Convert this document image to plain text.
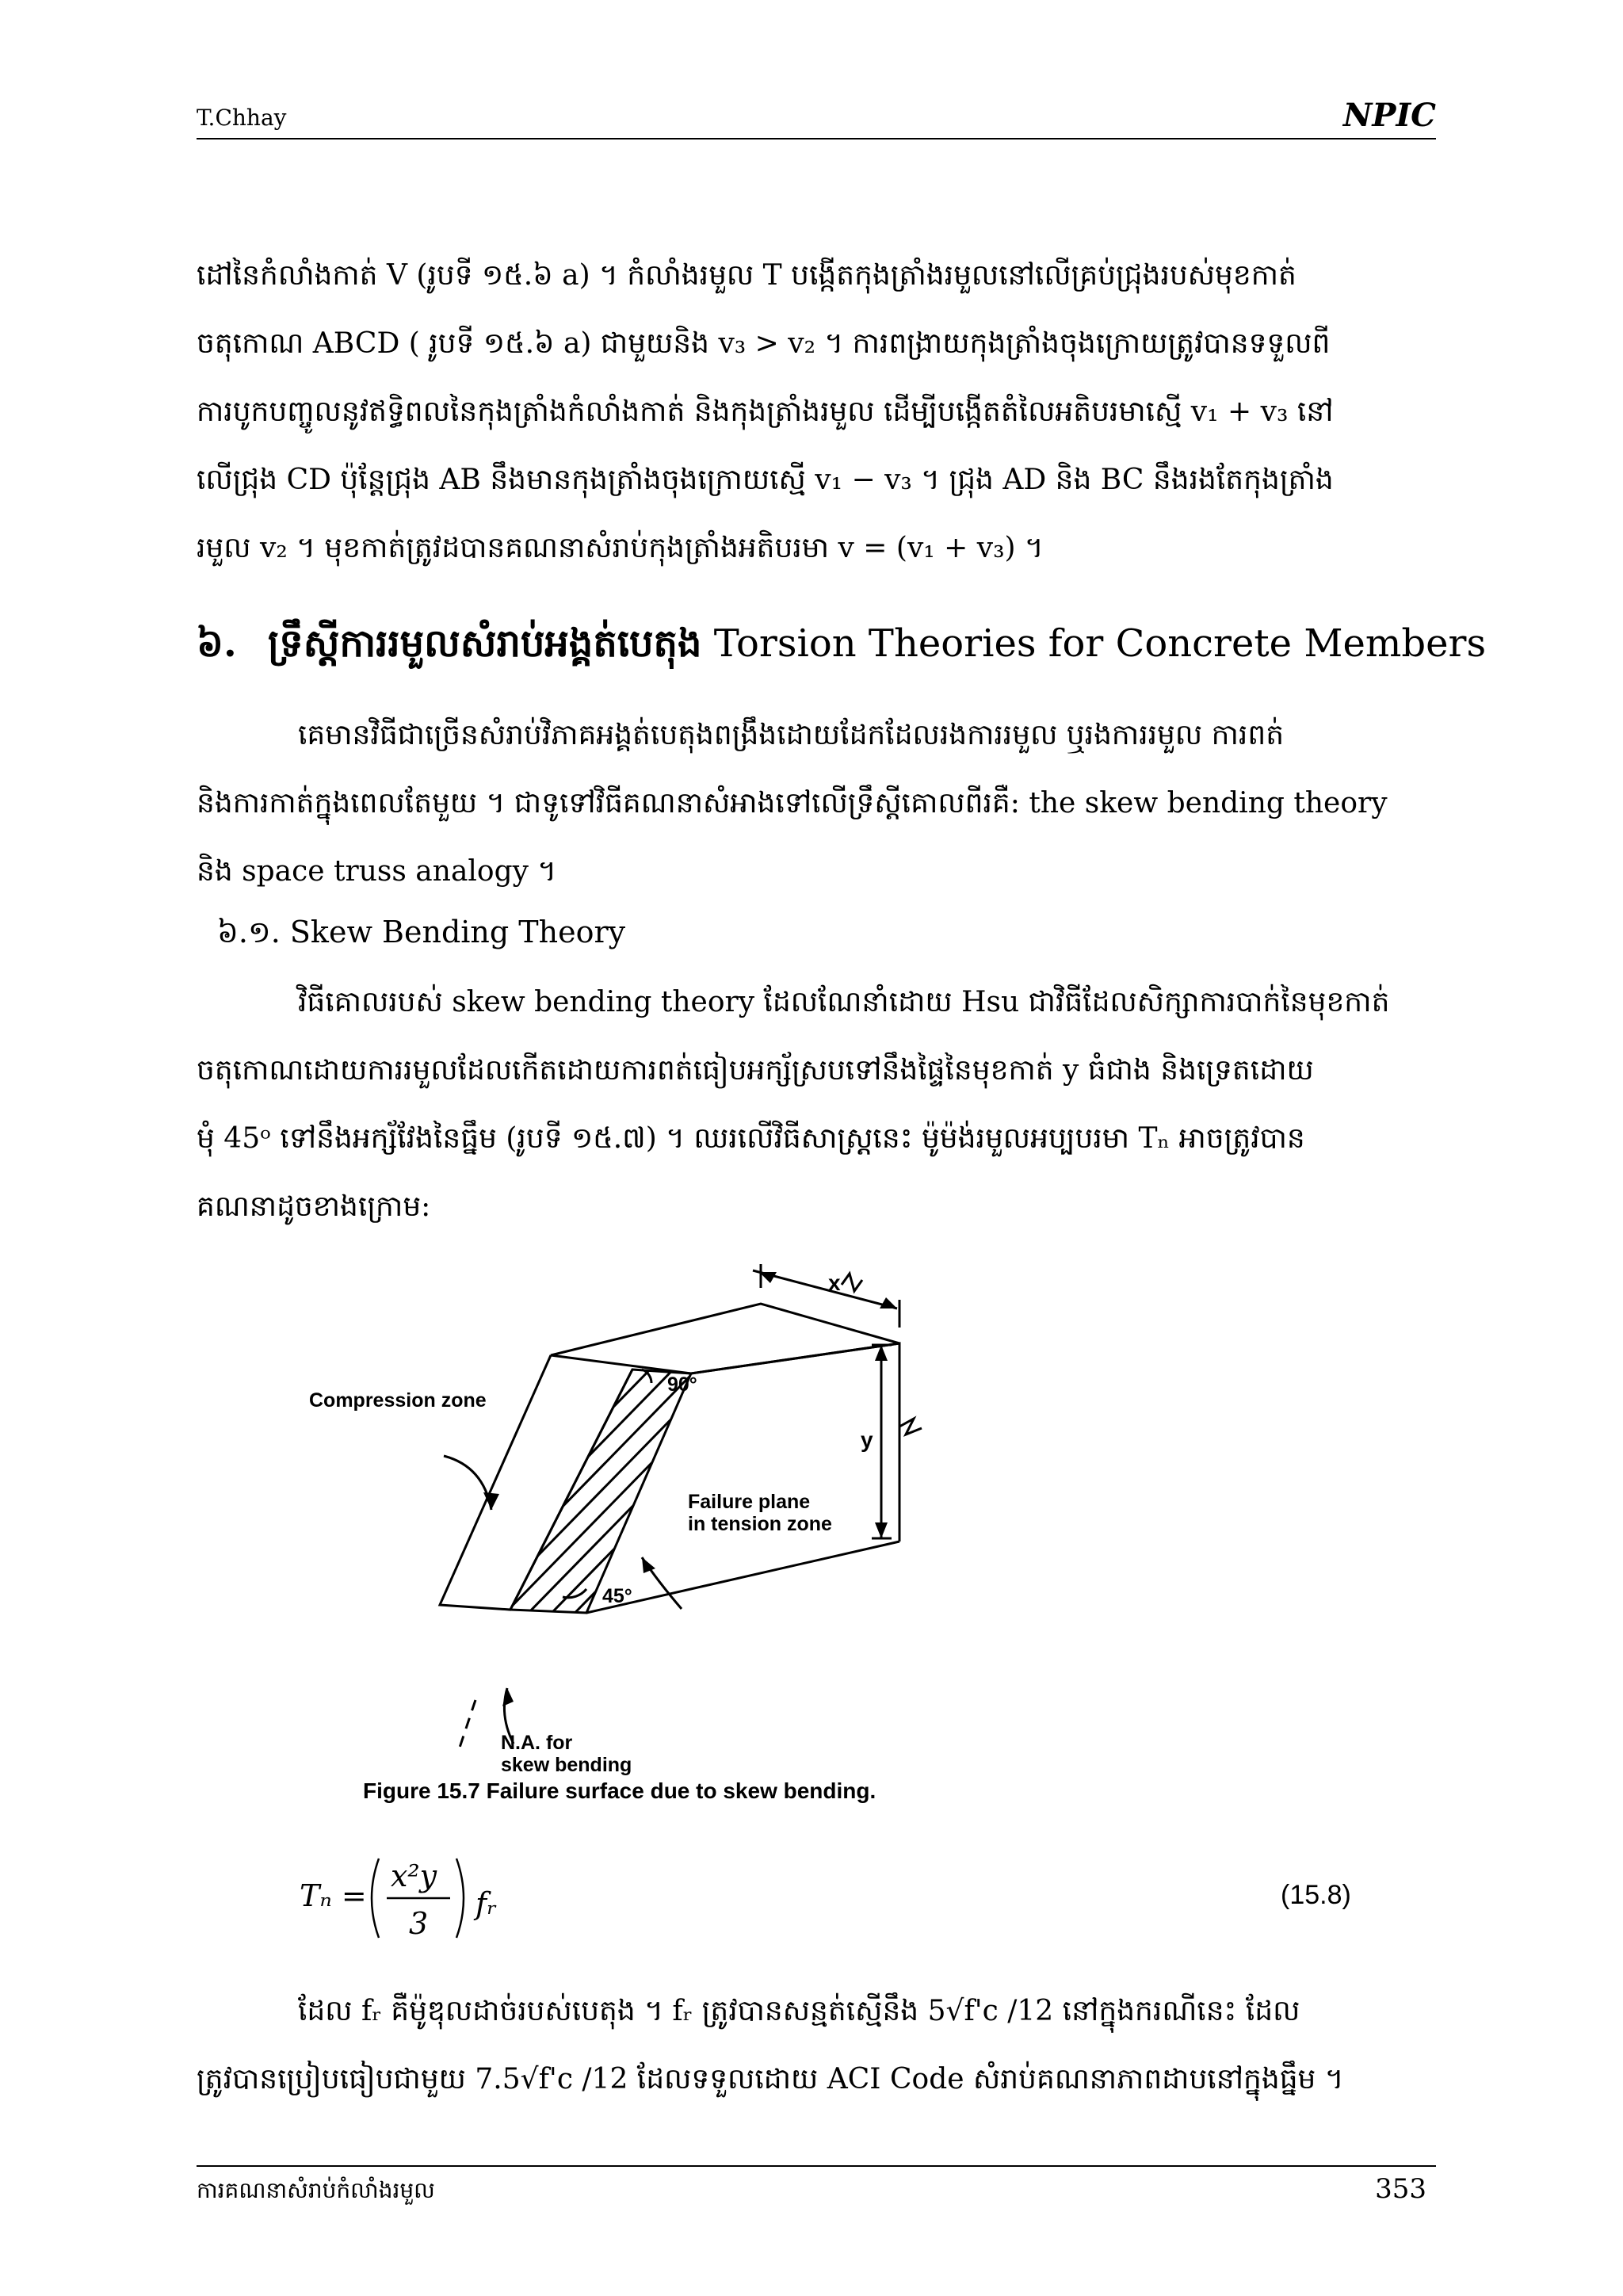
T.Chhay	NPIC

ដៅនៃកំលាំងកាត់ V (រូបទី ១៥.៦ a) ។ កំលាំងរមួល T បង្កើតកុងត្រាំងរមួលនៅលើគ្រប់ជ្រុងរបស់មុខកាត់

ចតុកោណ ABCD ( រូបទី ១៥.៦ a) ជាមួយនិង v₃ > v₂ ។ ការពង្រាយកុងត្រាំងចុងក្រោយត្រូវបានទទួលពី

ការបូកបញ្ចូលនូវឥទ្ធិពលនៃកុងត្រាំងកំលាំងកាត់ និងកុងត្រាំងរមួល ដើម្បីបង្កើតតំលៃអតិបរមាស្មើ v₁ + v₃ នៅ

លើជ្រុង CD ប៉ុន្តែជ្រុង AB នឹងមានកុងត្រាំងចុងក្រោយស្មើ v₁ − v₃ ។ ជ្រុង AD និង BC នឹងរងតែកុងត្រាំង

រមួល v₂ ។ មុខកាត់ត្រូវដបានគណនាសំរាប់កុងត្រាំងអតិបរមា v = (v₁ + v₃) ។

៦. ទ្រឹស្តីការរមួលសំរាប់អង្គត់បេតុង Torsion Theories for Concrete Members

គេមានវិធីជាច្រើនសំរាប់វិភាគអង្គត់បេតុងពង្រឹងដោយដែកដែលរងការរមួល ឬរងការរមួល ការពត់

និងការកាត់ក្នុងពេលតែមួយ ។ ជាទូទៅវិធីគណនាសំអាងទៅលើទ្រឹស្តីគោលពីរគឺ: the skew bending theory

និង space truss analogy ។

៦.១. Skew Bending Theory

វិធីគោលរបស់ skew bending theory ដែលណែនាំដោយ Hsu ជាវិធីដែលសិក្សាការបាក់នៃមុខកាត់

ចតុកោណដោយការរមួលដែលកើតដោយការពត់ធៀបអក្ស័ស្របទៅនឹងផ្ទៃនៃមុខកាត់ y ធំជាង និងទ្រេតដោយ

មុំ 45ᵒ ទៅនឹងអក្ស័វែងនៃធ្នឹម (រូបទី ១៥.៧) ។ ឈរលើវិធីសាស្ត្រនេះ ម៉ូម៉ង់រមួលអប្បបរមា Tₙ អាចត្រូវបាន

គណនាដូចខាងក្រោម:

x
y
90°
45°
Compression zone
Failure plane
in tension zone
N.A. for
skew bending
Figure 15.7 Failure surface due to skew bending.
Tₙ =
x²y
3
fᵣ	(15.8)

ដែល fᵣ គឺម៉ូឌុលដាច់របស់បេតុង ។ fᵣ ត្រូវបានសន្មត់ស្មើនឹង 5√f'c /12 នៅក្នុងករណីនេះ ដែល

ត្រូវបានប្រៀបធៀបជាមួយ 7.5√f'c /12 ដែលទទួលដោយ ACI Code សំរាប់គណនាភាពដាបនៅក្នុងធ្នឹម ។

ការគណនាសំរាប់កំលាំងរមួល	353
